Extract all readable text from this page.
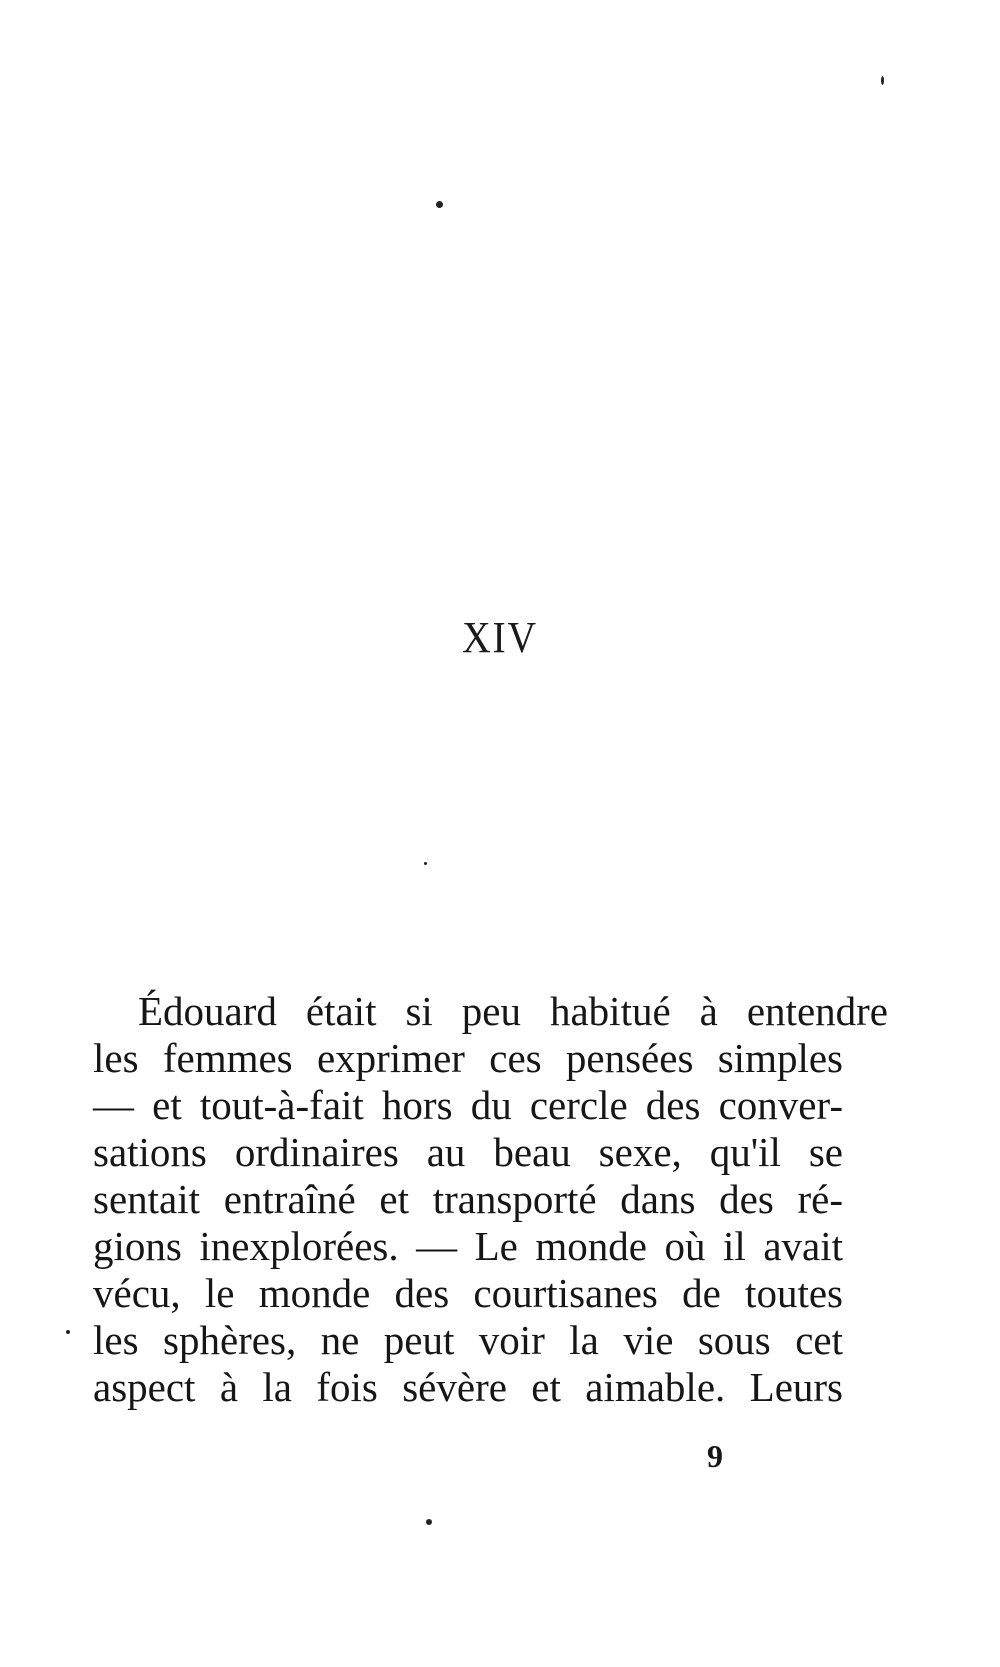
XIV
Édouard était si peu habitué à entendre
les femmes exprimer ces pensées simples
— et tout-à-fait hors du cercle des conver-
sations ordinaires au beau sexe, qu'il se
sentait entraîné et transporté dans des ré-
gions inexplorées. — Le monde où il avait
vécu, le monde des courtisanes de toutes
les sphères, ne peut voir la vie sous cet
aspect à la fois sévère et aimable. Leurs
9
